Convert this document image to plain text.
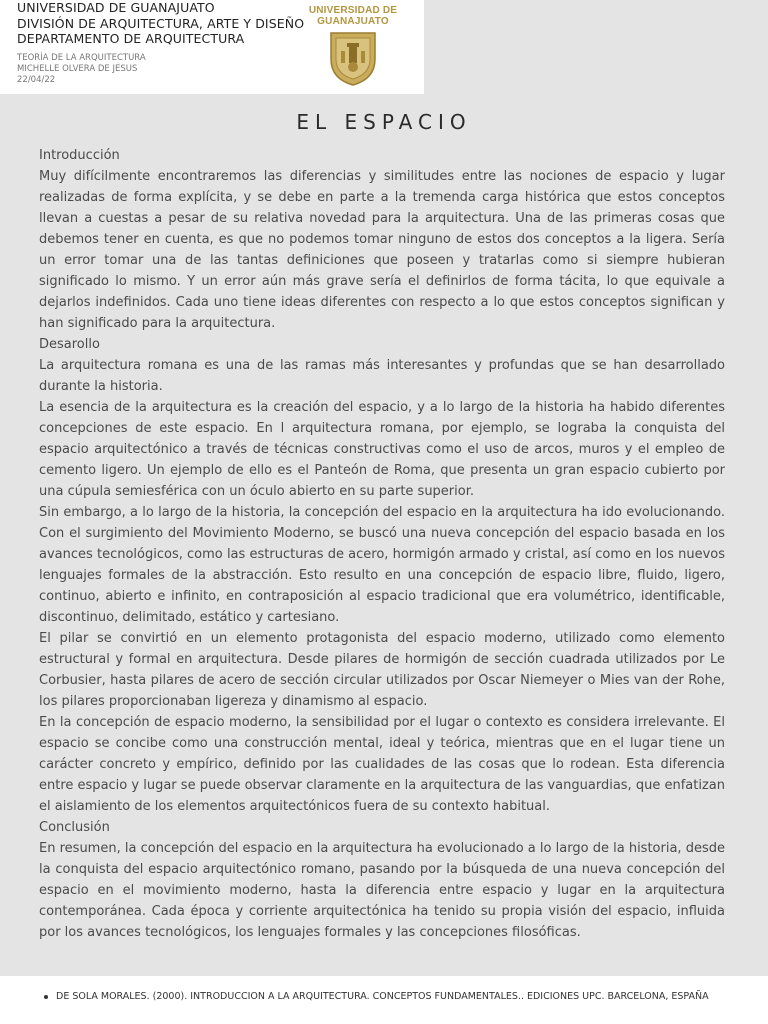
UNIVERSIDAD DE GUANAJUATO
DIVISIÓN DE ARQUITECTURA, ARTE Y DISEÑO
DEPARTAMENTO DE ARQUITECTURA
TEORÍA DE LA ARQUITECTURA
MICHELLE OLVERA DE JESUS
22/04/22
UNIVERSIDAD DE
GUANAJUATO
EL ESPACIO

Introducción

Muy difícilmente encontraremos las diferencias y similitudes entre las nociones de espacio y lugar realizadas de forma explícita, y se debe en parte a la tremenda carga histórica que estos conceptos llevan a cuestas a pesar de su relativa novedad para la arquitectura. Una de las primeras cosas que debemos tener en cuenta, es que no podemos tomar ninguno de estos dos conceptos a la ligera. Sería un error tomar una de las tantas definiciones que poseen y tratarlas como si siempre hubieran significado lo mismo. Y un error aún más grave sería el definirlos de forma tácita, lo que equivale a dejarlos indefinidos. Cada uno tiene ideas diferentes con respecto a lo que estos conceptos significan y han significado para la arquitectura.

Desarollo

La arquitectura romana es una de las ramas más interesantes y profundas que se han desarrollado durante la historia.

La esencia de la arquitectura es la creación del espacio, y a lo largo de la historia ha habido diferentes concepciones de este espacio. En l arquitectura romana, por ejemplo, se lograba la conquista del espacio arquitectónico a través de técnicas constructivas como el uso de arcos, muros y el empleo de cemento ligero. Un ejemplo de ello es el Panteón de Roma, que presenta un gran espacio cubierto por una cúpula semiesférica con un óculo abierto en su parte superior.

Sin embargo, a lo largo de la historia, la concepción del espacio en la arquitectura ha ido evolucionando. Con el surgimiento del Movimiento Moderno, se buscó una nueva concepción del espacio basada en los avances tecnológicos, como las estructuras de acero, hormigón armado y cristal, así como en los nuevos lenguajes formales de la abstracción. Esto resulto en una concepción de espacio libre, fluido, ligero, continuo, abierto e infinito, en contraposición al espacio tradicional que era volumétrico, identificable, discontinuo, delimitado, estático y cartesiano.

El pilar se convirtió en un elemento protagonista del espacio moderno, utilizado como elemento estructural y formal en arquitectura. Desde pilares de hormigón de sección cuadrada utilizados por Le Corbusier, hasta pilares de acero de sección circular utilizados por Oscar Niemeyer o Mies van der Rohe, los pilares proporcionaban ligereza y dinamismo al espacio.

En la concepción de espacio moderno, la sensibilidad por el lugar o contexto es considera irrelevante. El espacio se concibe como una construcción mental, ideal y teórica, mientras que en el lugar tiene un carácter concreto y empírico, definido por las cualidades de las cosas que lo rodean. Esta diferencia entre espacio y lugar se puede observar claramente en la arquitectura de las vanguardias, que enfatizan el aislamiento de los elementos arquitectónicos fuera de su contexto habitual.

Conclusión

En resumen, la concepción del espacio en la arquitectura ha evolucionado a lo largo de la historia, desde la conquista del espacio arquitectónico romano, pasando por la búsqueda de una nueva concepción del espacio en el movimiento moderno, hasta la diferencia entre espacio y lugar en la arquitectura contemporánea. Cada época y corriente arquitectónica ha tenido su propia visión del espacio, influida por los avances tecnológicos, los lenguajes formales y las concepciones filosóficas.

DE SOLA MORALES. (2000). INTRODUCCION A LA ARQUITECTURA. CONCEPTOS FUNDAMENTALES.. EDICIONES UPC. BARCELONA, ESPAÑA
